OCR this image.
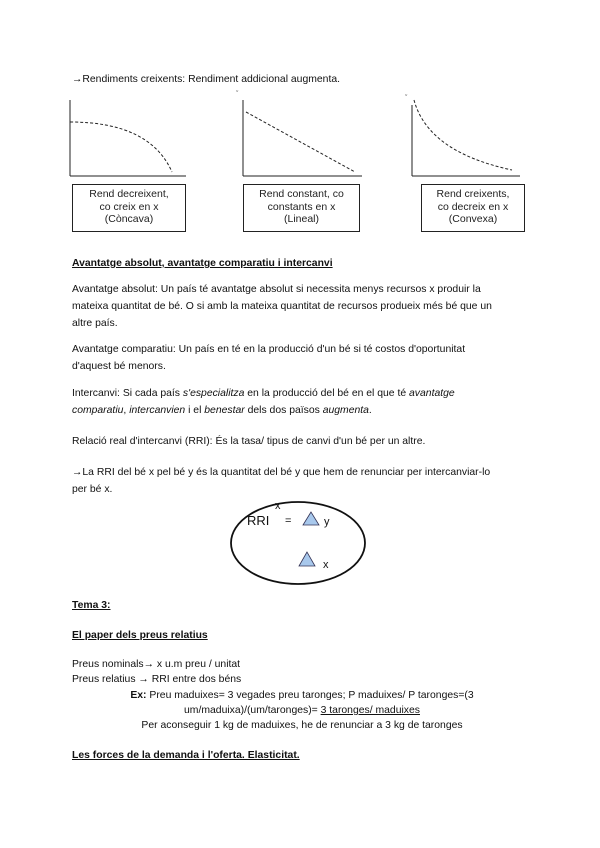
→Rendiments creixents: Rendiment addicional augmenta.
ˇ
ˇ
Rend decreixent,
co creix en x
(Còncava)
Rend constant, co
constants en x
(Lineal)
Rend creixents,
co decreix en x
(Convexa)
Avantatge absolut, avantatge comparatiu i intercanvi
Avantatge absolut: Un país té avantatge absolut si necessita menys recursos x produir la
mateixa quantitat de bé. O si amb la mateixa quantitat de recursos produeix més bé que un
altre país.
Avantatge comparatiu: Un país en té en la producció d'un bé si té costos d'oportunitat
d'aquest bé menors.
Intercanvi: Si cada país s'especialitza en la producció del bé en el que té avantatge
comparatiu, intercanvien i el benestar dels dos països augmenta.
Relació real d'intercanvi (RRI): És la tasa/ tipus de canvi d'un bé per un altre.
→La RRI del bé x pel bé y és la quantitat del bé y que hem de renunciar per intercanviar-lo
per bé x.
RRI
x
=	y
x
Tema 3:
El paper dels preus relatius
Preus nominals→ x u.m preu / unitat
Preus relatius → RRI entre dos béns
Ex: Preu maduixes= 3 vegades preu taronges; P maduixes/ P taronges=(3
um/maduixa)/(um/taronges)= 3 taronges/ maduixes
Per aconseguir 1 kg de maduixes, he de renunciar a 3 kg de taronges
Les forces de la demanda i l'oferta. Elasticitat.
